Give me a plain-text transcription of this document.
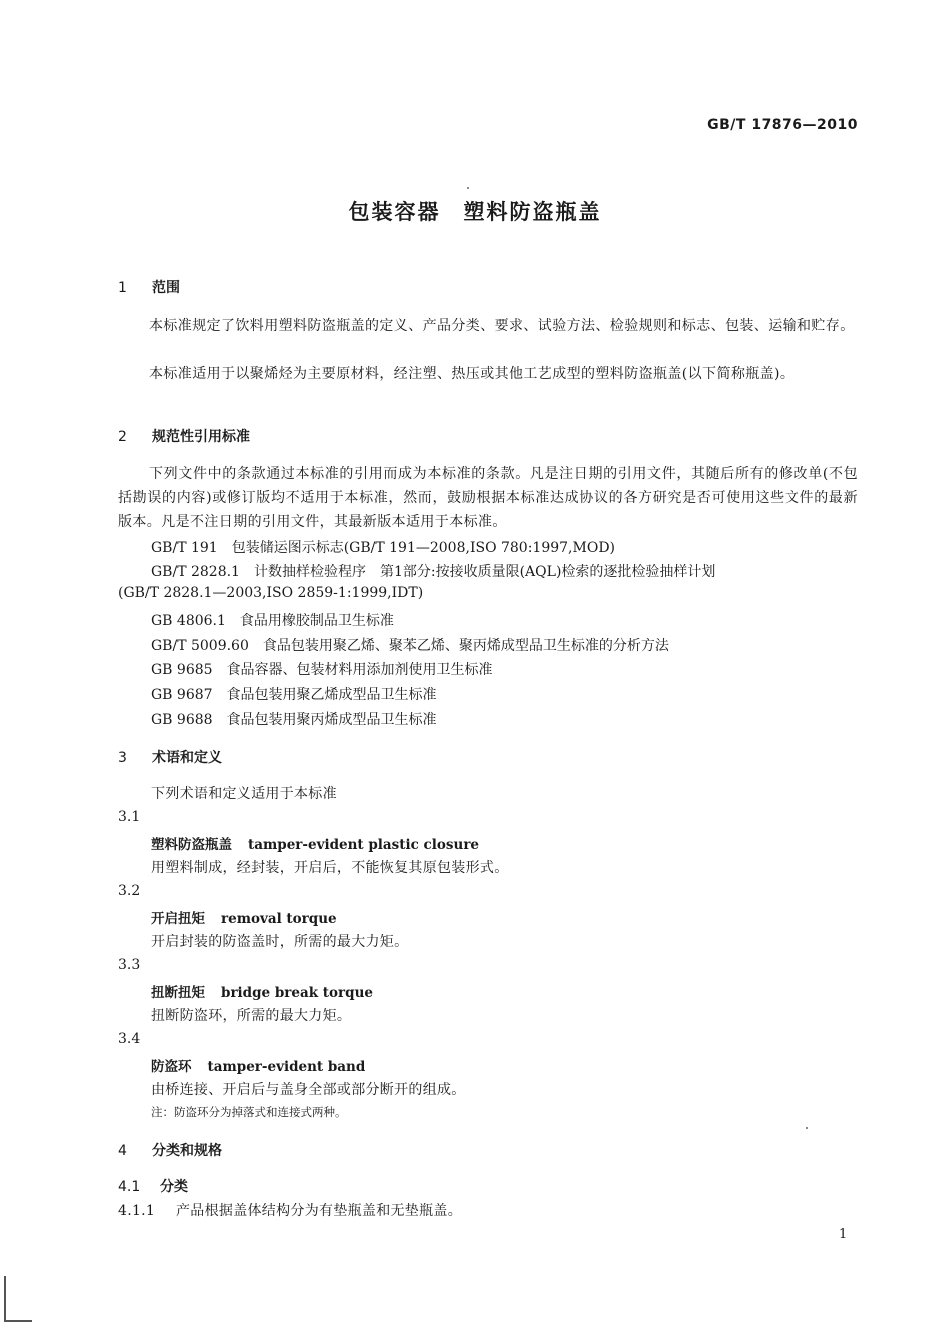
GB/T 17876—2010
包装容器　塑料防盗瓶盖
1 范围
本标准规定了饮料用塑料防盗瓶盖的定义、产品分类、要求、试验方法、检验规则和标志、包装、运输和贮存。
本标准适用于以聚烯烃为主要原材料，经注塑、热压或其他工艺成型的塑料防盗瓶盖(以下简称瓶盖)。
2 规范性引用标准
下列文件中的条款通过本标准的引用而成为本标准的条款。凡是注日期的引用文件，其随后所有的修改单(不包括勘误的内容)或修订版均不适用于本标准，然而，鼓励根据本标准达成协议的各方研究是否可使用这些文件的最新版本。凡是不注日期的引用文件，其最新版本适用于本标准。
GB/T 191 包装储运图示标志(GB/T 191—2008,ISO 780:1997,MOD)
GB/T 2828.1 计数抽样检验程序　第1部分:按接收质量限(AQL)检索的逐批检验抽样计划
(GB/T 2828.1—2003,ISO 2859-1:1999,IDT)
GB 4806.1 食品用橡胶制品卫生标准
GB/T 5009.60 食品包装用聚乙烯、聚苯乙烯、聚丙烯成型品卫生标准的分析方法
GB 9685 食品容器、包装材料用添加剂使用卫生标准
GB 9687 食品包装用聚乙烯成型品卫生标准
GB 9688 食品包装用聚丙烯成型品卫生标准
3 术语和定义
下列术语和定义适用于本标准
3.1
塑料防盗瓶盖 tamper-evident plastic closure
用塑料制成，经封装，开启后，不能恢复其原包装形式。
3.2
开启扭矩 removal torque
开启封装的防盗盖时，所需的最大力矩。
3.3
扭断扭矩 bridge break torque
扭断防盗环，所需的最大力矩。
3.4
防盗环 tamper-evident band
由桥连接、开启后与盖身全部或部分断开的组成。
注：防盗环分为掉落式和连接式两种。
4 分类和规格
4.1 分类
4.1.1 产品根据盖体结构分为有垫瓶盖和无垫瓶盖。
1
